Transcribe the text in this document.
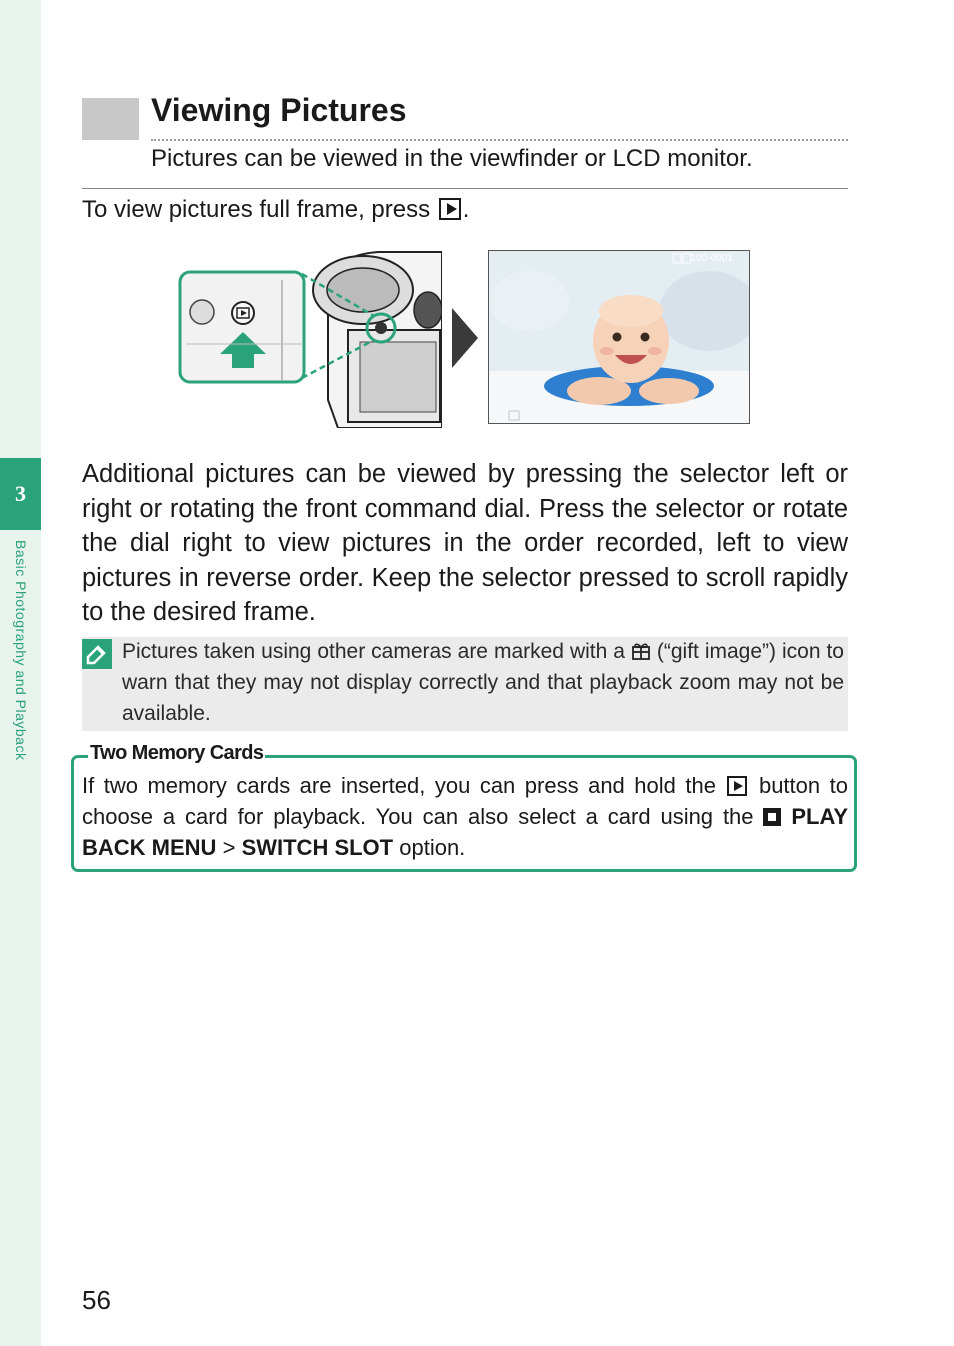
3
Basic Photography and Playback
Viewing Pictures
Pictures can be viewed in the viewfinder or LCD monitor.
To view pictures full frame, press .
100-0001

Additional pictures can be viewed by pressing the selector left or right or rotating the front command dial. Press the selector or rotate the dial right to view pictures in the order recorded, left to view pictures in reverse order. Keep the selector pressed to scroll rapidly to the desired frame.

Pictures taken using other cameras are marked with a (“gift image”) icon to warn that they may not display correctly and that playback zoom may not be available.

Two Memory Cards

If two memory cards are inserted, you can press and hold the button to choose a card for playback. You can also select a card using the PLAY BACK MENU > SWITCH SLOT option.

56
